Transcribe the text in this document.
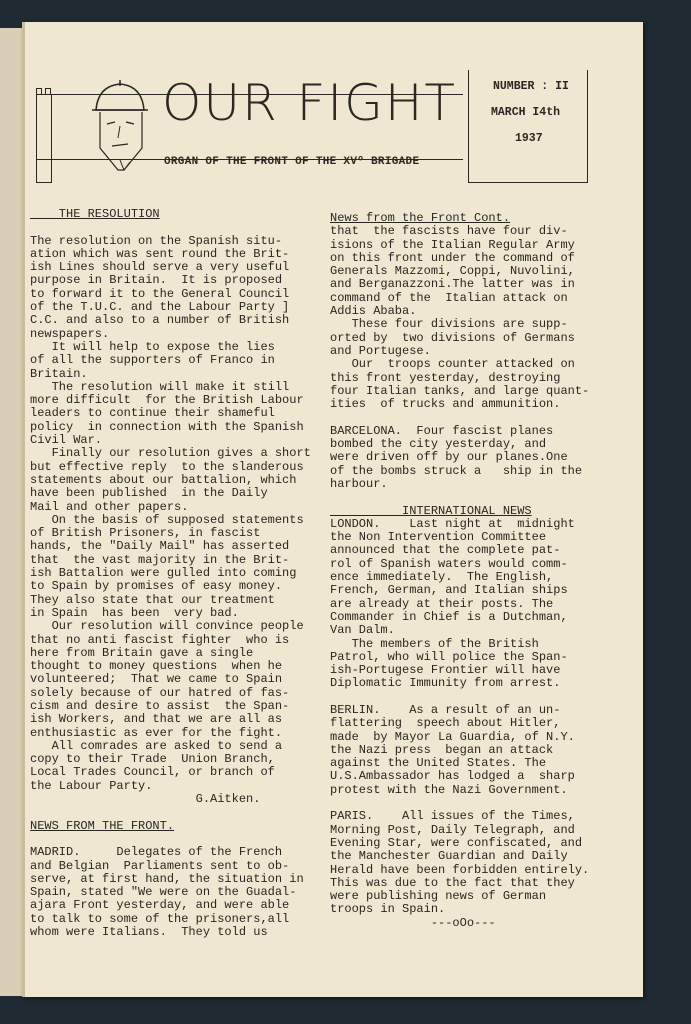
OUR FIGHT
ORGAN OF THE FRONT OF THE XVº BRIGADE
NUMBER : II
MARCH I4th
1937
THE RESOLUTION
The resolution on the Spanish situ-
ation which was sent round the Brit-
ish Lines should serve a very useful
purpose in Britain.  It is proposed
to forward it to the General Council
of the T.U.C. and the Labour Party ]
C.C. and also to a number of British
newspapers.
It will help to expose the lies
of all the supporters of Franco in
Britain.
The resolution will make it still
more difficult  for the British Labour
leaders to continue their shameful
policy  in connection with the Spanish
Civil War.
Finally our resolution gives a short
but effective reply  to the slanderous
statements about our battalion, which
have been published  in the Daily
Mail and other papers.
On the basis of supposed statements
of British Prisoners, in fascist
hands, the "Daily Mail" has asserted
that  the vast majority in the Brit-
ish Battalion were gulled into coming
to Spain by promises of easy money.
They also state that our treatment
in Spain  has been  very bad.
Our resolution will convince people
that no anti fascist fighter  who is
here from Britain gave a single
thought to money questions  when he
volunteered;  That we came to Spain
solely because of our hatred of fas-
cism and desire to assist  the Span-
ish Workers, and that we are all as
enthusiastic as ever for the fight.
All comrades are asked to send a
copy to their Trade  Union Branch,
Local Trades Council, or branch of
the Labour Party.
G.Aitken.
NEWS FROM THE FRONT.
MADRID.     Delegates of the French
and Belgian  Parliaments sent to ob-
serve, at first hand, the situation in
Spain, stated "We were on the Guadal-
ajara Front yesterday, and were able
to talk to some of the prisoners,all
whom were Italians.  They told us
News from the Front Cont.
that  the fascists have four div-
isions of the Italian Regular Army
on this front under the command of
Generals Mazzomi, Coppi, Nuvolini,
and Berganazzoni.The latter was in
command of the  Italian attack on
Addis Ababa.
These four divisions are supp-
orted by  two divisions of Germans
and Portugese.
Our  troops counter attacked on
this front yesterday, destroying
four Italian tanks, and large quant-
ities  of trucks and ammunition.
BARCELONA.  Four fascist planes
bombed the city yesterday, and
were driven off by our planes.One
of the bombs struck a   ship in the
harbour.
INTERNATIONAL NEWS
LONDON.    Last night at  midnight
the Non Intervention Committee
announced that the complete pat-
rol of Spanish waters would comm-
ence immediately.  The English,
French, German, and Italian ships
are already at their posts. The
Commander in Chief is a Dutchman,
Van Dalm.
The members of the British
Patrol, who will police the Span-
ish-Portugese Frontier will have
Diplomatic Immunity from arrest.
BERLIN.    As a result of an un-
flattering  speech about Hitler,
made  by Mayor La Guardia, of N.Y.
the Nazi press  began an attack
against the United States. The
U.S.Ambassador has lodged a  sharp
protest with the Nazi Government.
PARIS.    All issues of the Times,
Morning Post, Daily Telegraph, and
Evening Star, were confiscated, and
the Manchester Guardian and Daily
Herald have been forbidden entirely.
This was due to the fact that they
were publishing news of German
troops in Spain.
---oOo---
